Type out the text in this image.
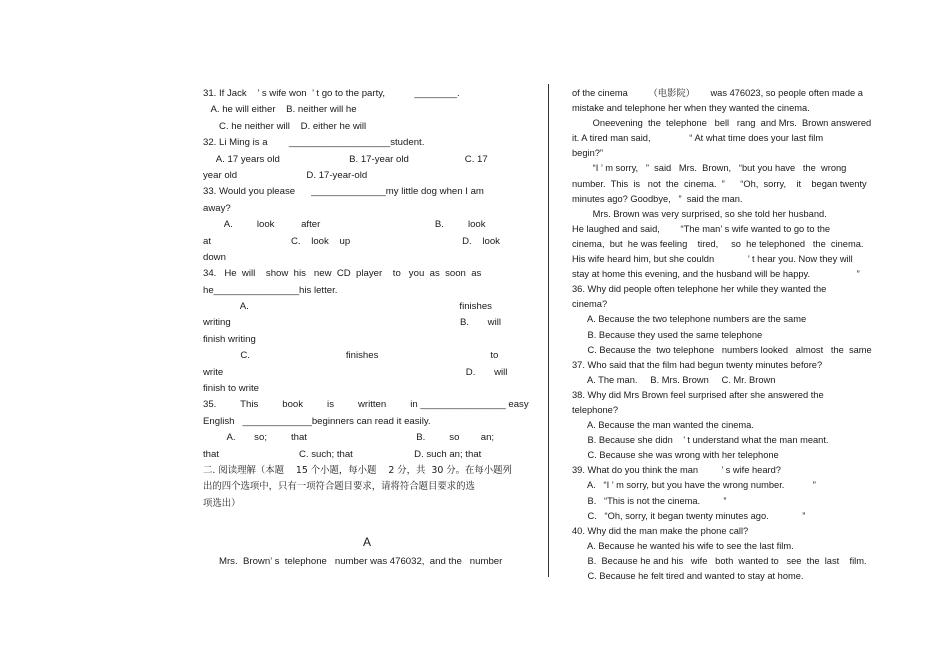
31. If Jack    ’ s wife won  ’ t go to the party,           ________.
A. he will either    B. neither will he
C. he neither will    D. either he will
32. Li Ming is a        ___________________student.
A. 17 years old                          B. 17-year old                     C. 17
year old                          D. 17-year-old
33. Would you please      ______________my little dog when I am
away?
A.         look          after                                           B.         look
at                              C.    look    up                                          D.    look
down
34.   He  will    show  his   new  CD  player    to   you  as  soon  as
he________________his letter.
A.                                                                               finishes
writing                                                                                      B.       will
finish writing
C.                                    finishes                                          to
write                                                                                           D.       will
finish to write
35.         This         book         is         written         in ________________ easy
English   _____________beginners can read it easily.
A.       so;         that                                         B.         so        an;
that                              C. such; that                       D. such an; that
二. 阅读理解（本题    15 个小题，每小题    2 分，共  30 分。在每小题列
出的四个选项中，只有一项符合题目要求，请将符合题目要求的选
项选出）
A
Mrs.  Brown’ s  telephone   number was 476032,  and the   number
of the cinema        （电影院）      was 476023, so people often made a
mistake and telephone her when they wanted the cinema.
Oneevening  the  telephone   bell   rang  and Mrs.  Brown answered
it. A tired man said,               “ At what time does your last film
begin?”
“I ’ m sorry,   ”  said   Mrs.  Brown,   “but you have   the  wrong
number.  This  is   not  the  cinema.  ”      “Oh,  sorry,    it    began twenty
minutes ago? Goodbye,   ”  said the man.
Mrs. Brown was very surprised, so she told her husband.
He laughed and said,        “The man’ s wife wanted to go to the
cinema,  but  he was feeling    tired,     so  he telephoned   the  cinema.
His wife heard him, but she couldn             ’ t hear you. Now they will
stay at home this evening, and the husband will be happy.                  ”
36. Why did people often telephone her while they wanted the
cinema?
A. Because the two telephone numbers are the same
B. Because they used the same telephone
C. Because the  two telephone   numbers looked   almost   the  same
37. Who said that the film had begun twenty minutes before?
A. The man.     B. Mrs. Brown     C. Mr. Brown
38. Why did Mrs Brown feel surprised after she answered the
telephone?
A. Because the man wanted the cinema.
B. Because she didn    ’ t understand what the man meant.
C. Because she was wrong with her telephone
39. What do you think the man         ’ s wife heard?
A.   “I ’ m sorry, but you have the wrong number.           ”
B.   “This is not the cinema.         ”
C.   “Oh, sorry, it began twenty minutes ago.             ”
40. Why did the man make the phone call?
A. Because he wanted his wife to see the last film.
B.  Because he and his   wife   both  wanted to   see  the  last    film.
C. Because he felt tired and wanted to stay at home.
